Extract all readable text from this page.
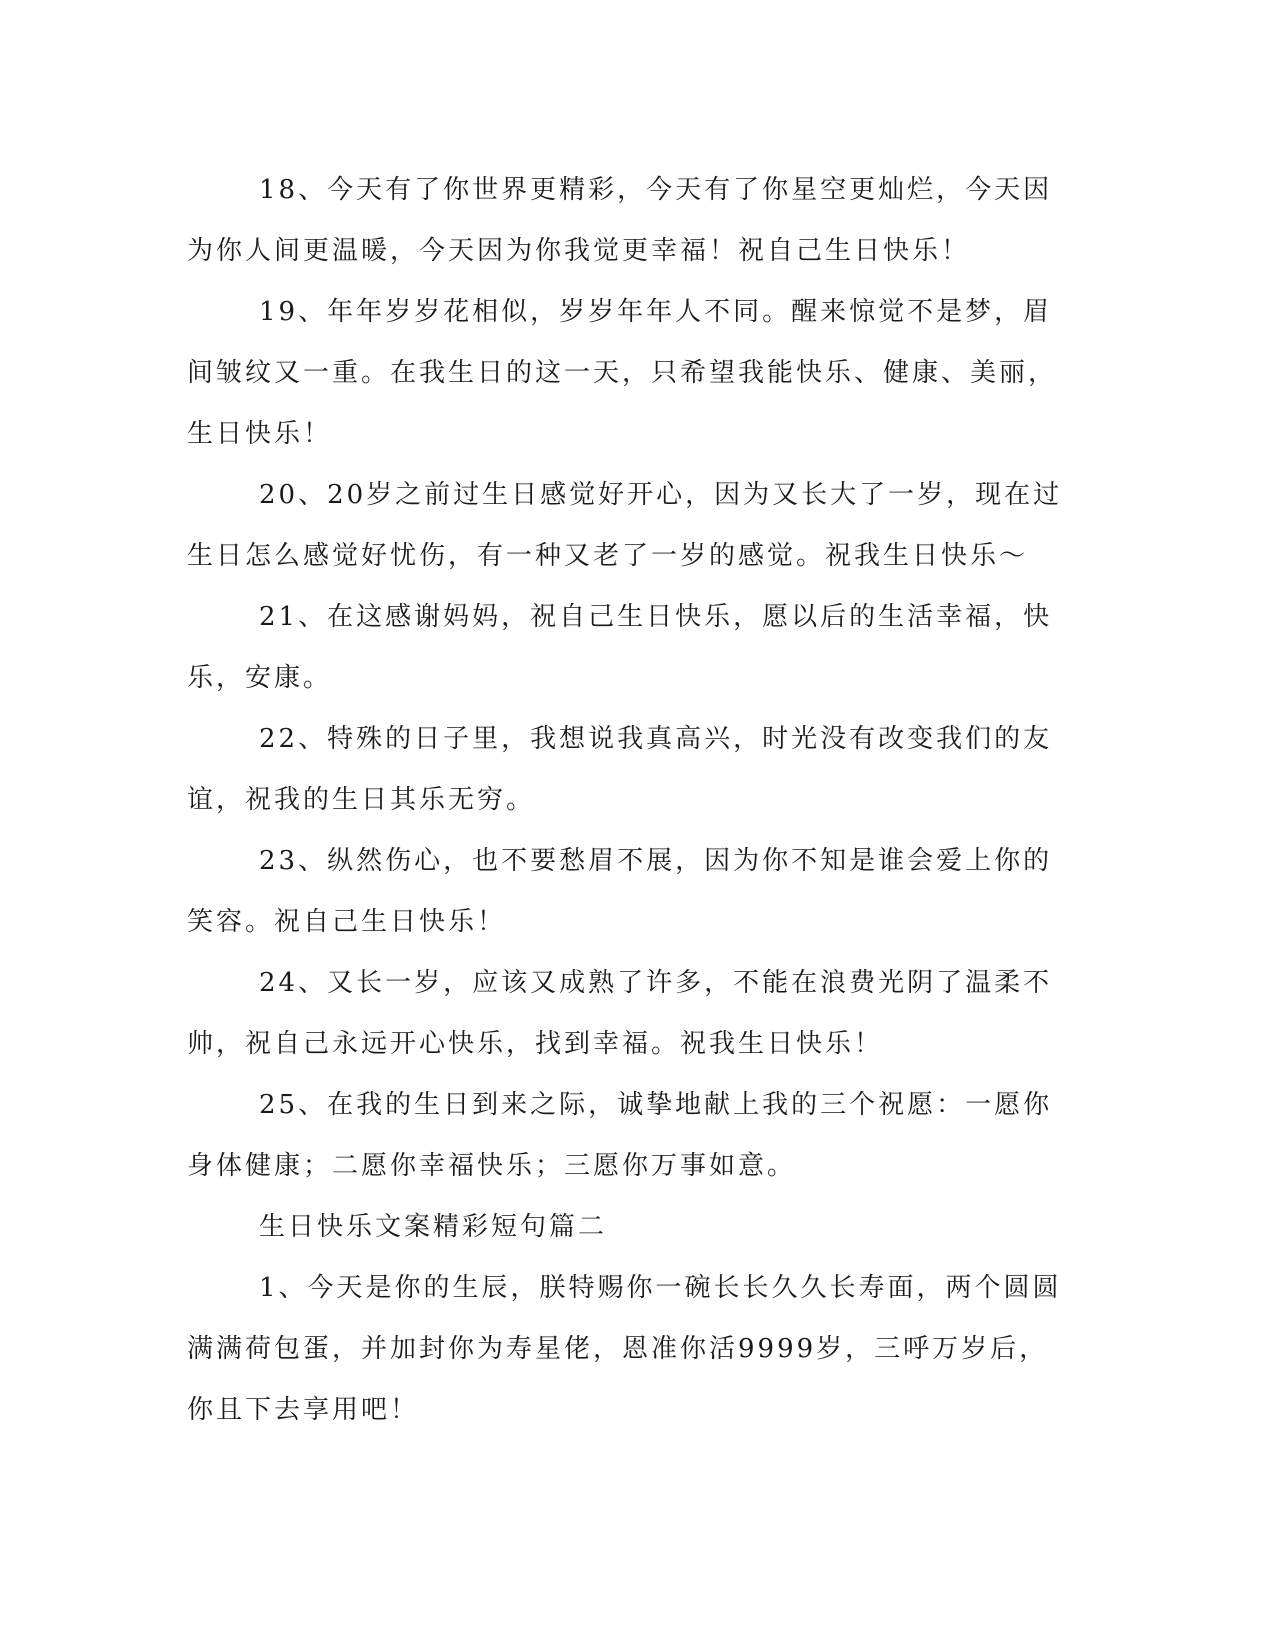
18、今天有了你世界更精彩，今天有了你星空更灿烂，今天因为你人间更温暖，今天因为你我觉更幸福！祝自己生日快乐！

19、年年岁岁花相似，岁岁年年人不同。醒来惊觉不是梦，眉间皱纹又一重。在我生日的这一天，只希望我能快乐、健康、美丽，生日快乐！

20、20岁之前过生日感觉好开心，因为又长大了一岁，现在过生日怎么感觉好忧伤，有一种又老了一岁的感觉。祝我生日快乐～

21、在这感谢妈妈，祝自己生日快乐，愿以后的生活幸福，快乐，安康。

22、特殊的日子里，我想说我真高兴，时光没有改变我们的友谊，祝我的生日其乐无穷。

23、纵然伤心，也不要愁眉不展，因为你不知是谁会爱上你的笑容。祝自己生日快乐！

24、又长一岁，应该又成熟了许多，不能在浪费光阴了温柔不帅，祝自己永远开心快乐，找到幸福。祝我生日快乐！

25、在我的生日到来之际，诚挚地献上我的三个祝愿：一愿你身体健康；二愿你幸福快乐；三愿你万事如意。

生日快乐文案精彩短句篇二

1、今天是你的生辰，朕特赐你一碗长长久久长寿面，两个圆圆满满荷包蛋，并加封你为寿星佬，恩准你活9999岁，三呼万岁后，你且下去享用吧！
